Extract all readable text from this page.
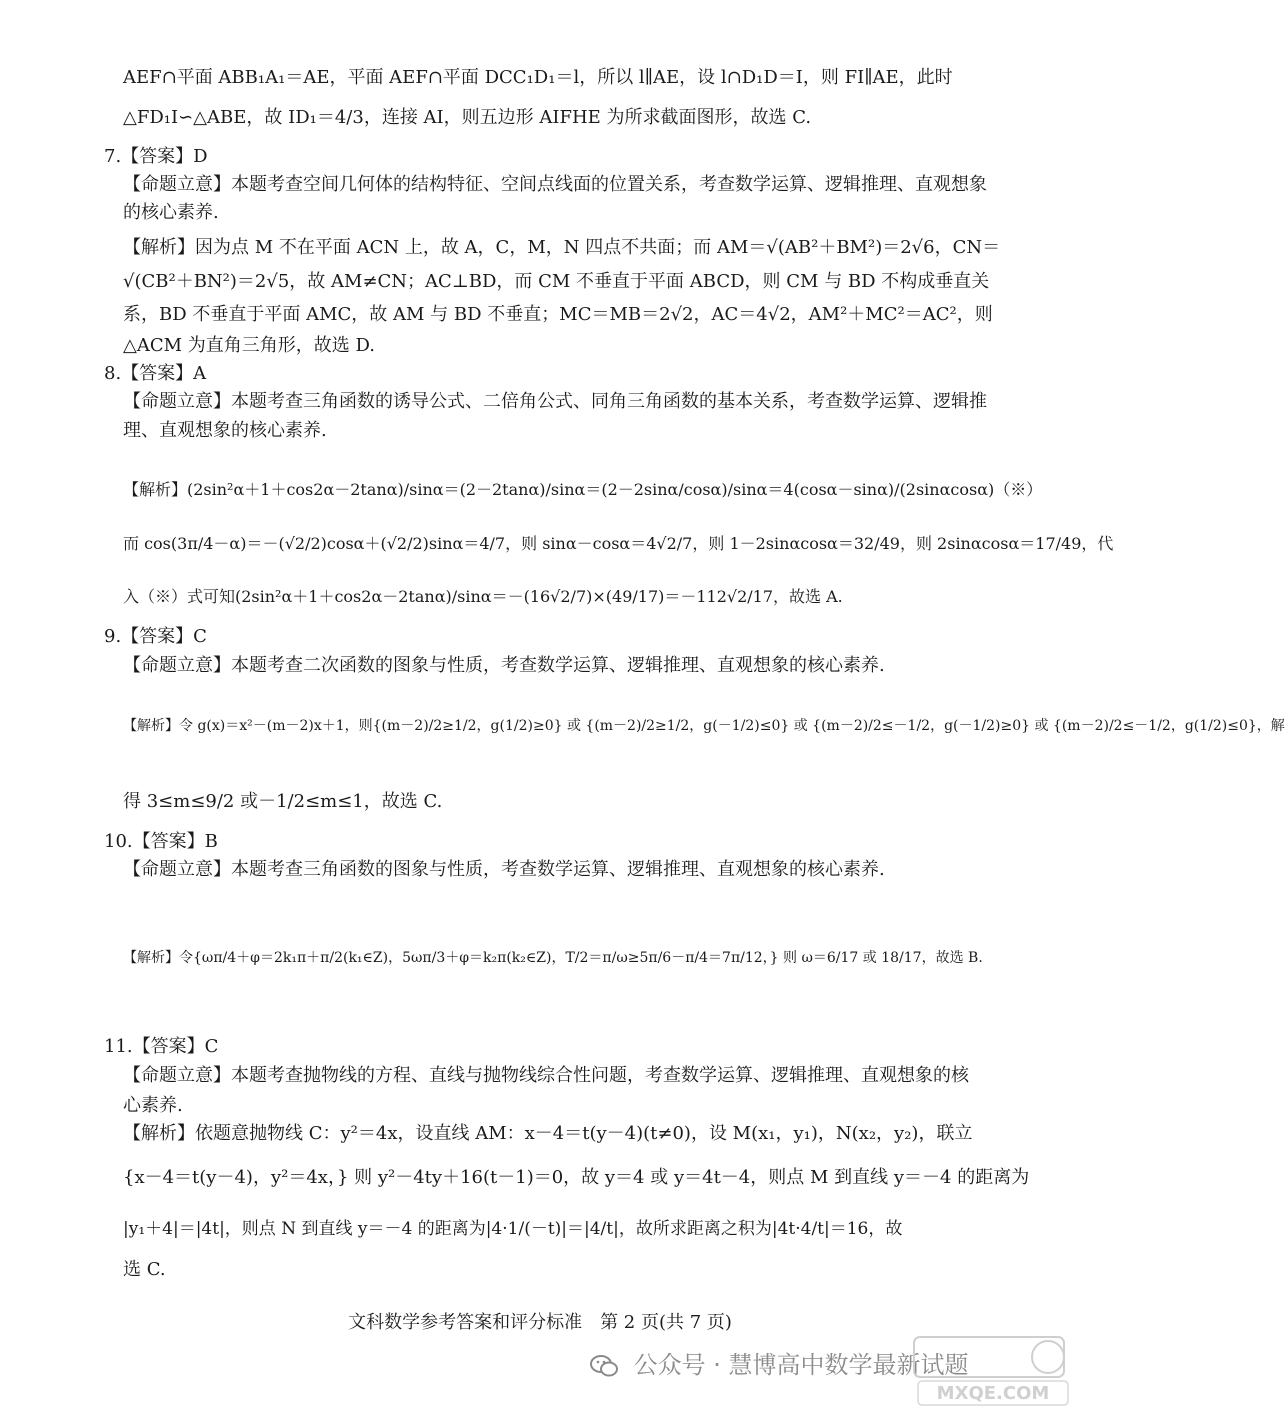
AEF∩平面 ABB₁A₁＝AE，平面 AEF∩平面 DCC₁D₁＝l，所以 l∥AE，设 l∩D₁D＝I，则 FI∥AE，此时
△FD₁I∽△ABE，故 ID₁＝4/3，连接 AI，则五边形 AIFHE 为所求截面图形，故选 C.
7.【答案】D
【命题立意】本题考查空间几何体的结构特征、空间点线面的位置关系，考查数学运算、逻辑推理、直观想象
的核心素养.
【解析】因为点 M 不在平面 ACN 上，故 A，C，M，N 四点不共面；而 AM＝√(AB²＋BM²)＝2√6，CN＝
√(CB²＋BN²)＝2√5，故 AM≠CN；AC⊥BD，而 CM 不垂直于平面 ABCD，则 CM 与 BD 不构成垂直关
系，BD 不垂直于平面 AMC，故 AM 与 BD 不垂直；MC＝MB＝2√2，AC＝4√2，AM²＋MC²＝AC²，则
△ACM 为直角三角形，故选 D.
8.【答案】A
【命题立意】本题考查三角函数的诱导公式、二倍角公式、同角三角函数的基本关系，考查数学运算、逻辑推
理、直观想象的核心素养.
【解析】(2sin²α＋1＋cos2α－2tanα)/sinα＝(2－2tanα)/sinα＝(2－2sinα/cosα)/sinα＝4(cosα－sinα)/(2sinαcosα)（※）
而 cos(3π/4－α)＝－(√2/2)cosα＋(√2/2)sinα＝4/7，则 sinα－cosα＝4√2/7，则 1－2sinαcosα＝32/49，则 2sinαcosα＝17/49，代
入（※）式可知(2sin²α＋1＋cos2α－2tanα)/sinα＝－(16√2/7)×(49/17)＝－112√2/17，故选 A.
9.【答案】C
【命题立意】本题考查二次函数的图象与性质，考查数学运算、逻辑推理、直观想象的核心素养.
【解析】令 g(x)＝x²－(m－2)x＋1，则{(m－2)/2≥1/2，g(1/2)≥0} 或 {(m－2)/2≥1/2，g(－1/2)≤0} 或 {(m－2)/2≤－1/2，g(－1/2)≥0} 或 {(m－2)/2≤－1/2，g(1/2)≤0}，解
得 3≤m≤9/2 或－1/2≤m≤1，故选 C.
10.【答案】B
【命题立意】本题考查三角函数的图象与性质，考查数学运算、逻辑推理、直观想象的核心素养.
【解析】令{ωπ/4＋φ＝2k₁π＋π/2(k₁∈Z)，5ωπ/3＋φ＝k₂π(k₂∈Z)，T/2＝π/ω≥5π/6－π/4＝7π/12，} 则 ω＝6/17 或 18/17，故选 B.
11.【答案】C
【命题立意】本题考查抛物线的方程、直线与抛物线综合性问题，考查数学运算、逻辑推理、直观想象的核
心素养.
【解析】依题意抛物线 C：y²＝4x，设直线 AM：x－4＝t(y－4)(t≠0)，设 M(x₁，y₁)，N(x₂，y₂)，联立
{x－4＝t(y－4)，y²＝4x，} 则 y²－4ty＋16(t－1)＝0，故 y＝4 或 y＝4t－4，则点 M 到直线 y＝－4 的距离为
|y₁＋4|＝|4t|，则点 N 到直线 y＝－4 的距离为|4·1/(－t)|＝|4/t|，故所求距离之积为|4t·4/t|＝16，故
选 C.
文科数学参考答案和评分标准　第 2 页(共 7 页)
公众号 · 慧博高中数学最新试题
MXQE.COM
